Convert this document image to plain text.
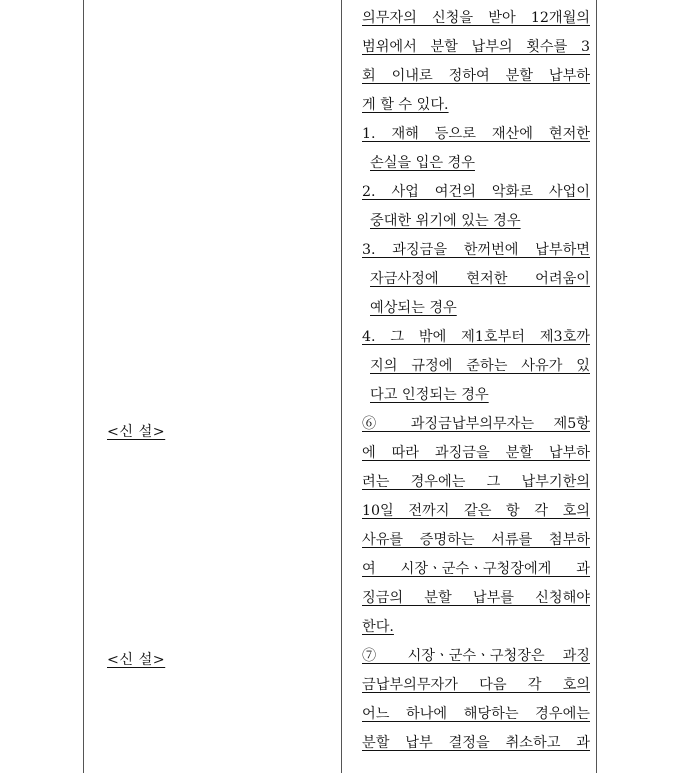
<신 설>
<신 설>
의무자의 신청을 받아 12개월의
범위에서 분할 납부의 횟수를 3
회 이내로 정하여 분할 납부하
게 할 수 있다.
1. 재해 등으로 재산에 현저한
손실을 입은 경우
2. 사업 여건의 악화로 사업이
중대한 위기에 있는 경우
3. 과징금을 한꺼번에 납부하면
자금사정에 현저한 어려움이
예상되는 경우
4. 그 밖에 제1호부터 제3호까
지의 규정에 준하는 사유가 있
다고 인정되는 경우
⑥ 과징금납부의무자는 제5항
에 따라 과징금을 분할 납부하
려는 경우에는 그 납부기한의
10일 전까지 같은 항 각 호의
사유를 증명하는 서류를 첨부하
여 시장ㆍ군수ㆍ구청장에게 과
징금의 분할 납부를 신청해야
한다.
⑦ 시장ㆍ군수ㆍ구청장은 과징
금납부의무자가 다음 각 호의
어느 하나에 해당하는 경우에는
분할 납부 결정을 취소하고 과
